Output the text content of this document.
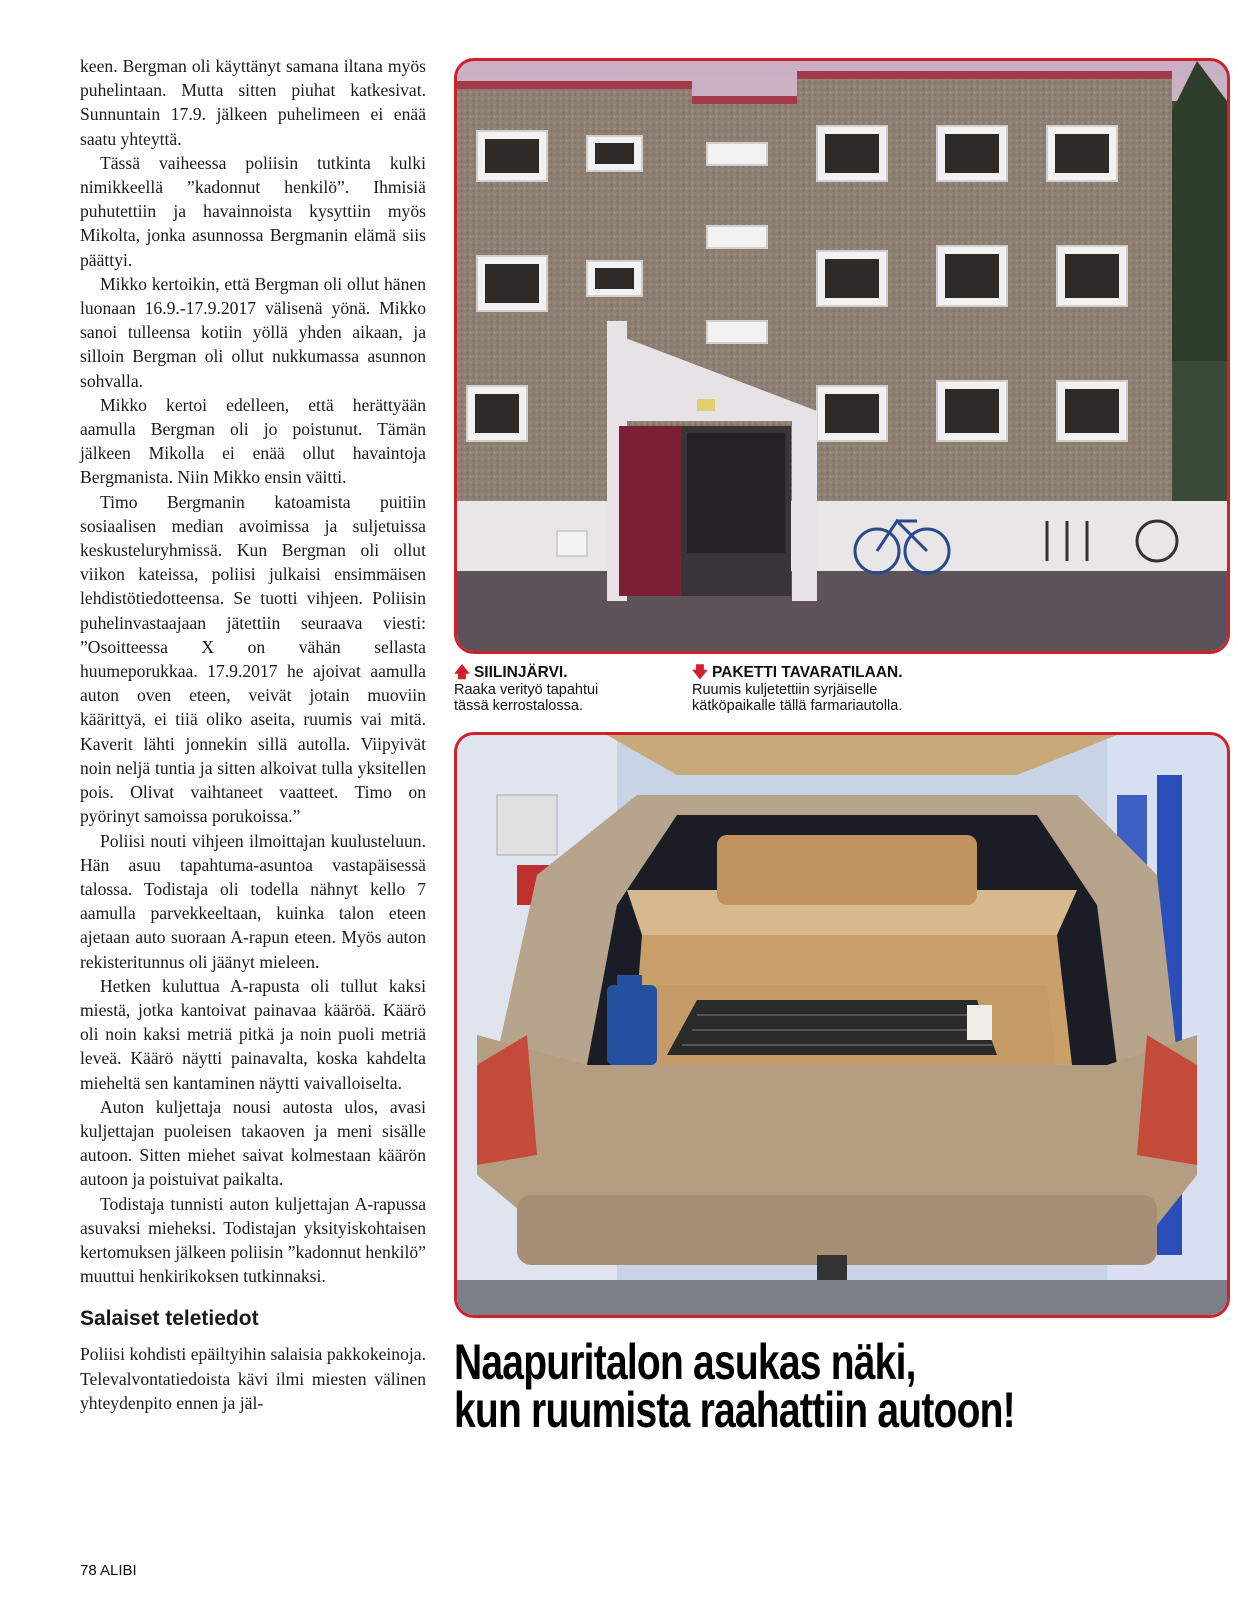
keen. Bergman oli käyttänyt samana iltana myös puhelintaan. Mutta sitten piuhat katkesivat. Sunnuntain 17.9. jälkeen puhelimeen ei enää saatu yhteyttä.

Tässä vaiheessa poliisin tutkinta kulki nimikkeellä ”kadonnut henkilö”. Ihmisiä puhutettiin ja havainnoista kysyttiin myös Mikolta, jonka asunnossa Bergmanin elämä siis päättyi.

Mikko kertoikin, että Bergman oli ollut hänen luonaan 16.9.-17.9.2017 välisenä yönä. Mikko sanoi tulleensa kotiin yöllä yhden aikaan, ja silloin Bergman oli ollut nukkumassa asunnon sohvalla.

Mikko kertoi edelleen, että herättyään aamulla Bergman oli jo poistunut. Tämän jälkeen Mikolla ei enää ollut havaintoja Bergmanista. Niin Mikko ensin väitti.

Timo Bergmanin katoamista puitiin sosiaalisen median avoimissa ja suljetuissa keskusteluryhmissä. Kun Bergman oli ollut viikon kateissa, poliisi julkaisi ensimmäisen lehdistötiedotteensa. Se tuotti vihjeen. Poliisin puhelinvastaajaan jätettiin seuraava viesti: ”Osoitteessa X on vähän sellasta huumeporukkaa. 17.9.2017 he ajoivat aamulla auton oven eteen, veivät jotain muoviin käärittyä, ei tiiä oliko aseita, ruumis vai mitä. Kaverit lähti jonnekin sillä autolla. Viipyivät noin neljä tuntia ja sitten alkoivat tulla yksitellen pois. Olivat vaihtaneet vaatteet. Timo on pyörinyt samoissa porukoissa.”

Poliisi nouti vihjeen ilmoittajan kuulusteluun. Hän asuu tapahtuma-asuntoa vastapäisessä talossa. Todistaja oli todella nähnyt kello 7 aamulla parvekkeeltaan, kuinka talon eteen ajetaan auto suoraan A-rapun eteen. Myös auton rekisteritunnus oli jäänyt mieleen.

Hetken kuluttua A-rapusta oli tullut kaksi miestä, jotka kantoivat painavaa kääröä. Käärö oli noin kaksi metriä pitkä ja noin puoli metriä leveä. Käärö näytti painavalta, koska kahdelta mieheltä sen kantaminen näytti vaivalloiselta.

Auton kuljettaja nousi autosta ulos, avasi kuljettajan puoleisen takaoven ja meni sisälle autoon. Sitten miehet saivat kolmestaan käärön autoon ja poistuivat paikalta.

Todistaja tunnisti auton kuljettajan A-rapussa asuvaksi mieheksi. Todistajan yksityiskohtaisen kertomuksen jälkeen poliisin ”kadonnut henkilö” muuttui henkirikoksen tutkinnaksi.

Salaiset teletiedot

Poliisi kohdisti epäiltyihin salaisia pakkokeinoja. Televalvontatiedoista kävi ilmi miesten välinen yhteydenpito ennen ja jäl-

78 ALIBI
🡅 SIILINJÄRVI.
Raaka verityö tapahtui
tässä kerrostalossa.
🡇 PAKETTI TAVARATILAAN.
Ruumis kuljetettiin syrjäiselle
kätköpaikalle tällä farmariautolla.
Naapuritalon asukas näki,
kun ruumista raahattiin autoon!
